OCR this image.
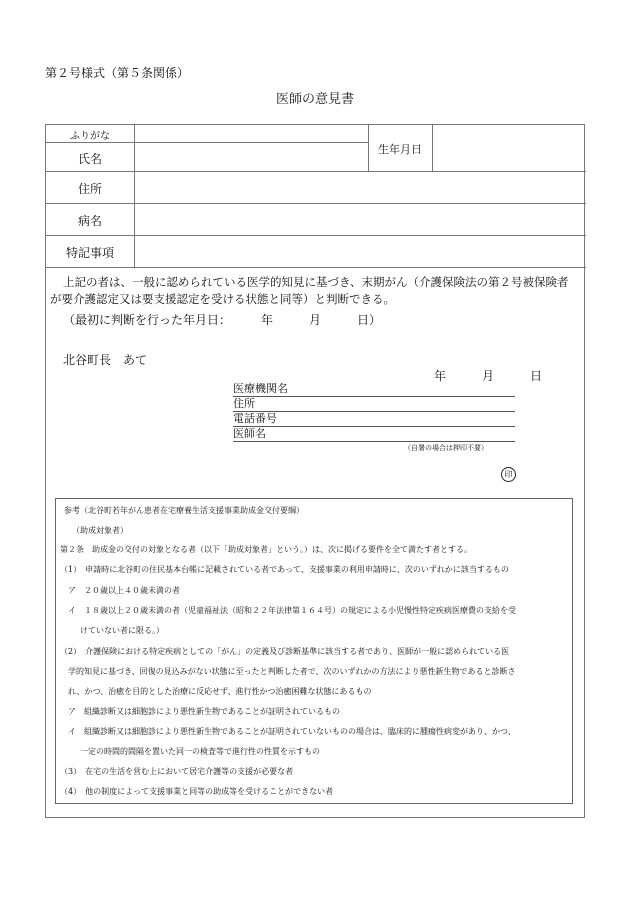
第２号様式（第５条関係）
医師の意見書
ふりがな
氏名
生年月日
住所
病名
特記事項
上記の者は、一般に認められている医学的知見に基づき、末期がん（介護保険法の第２号被保険者
が要介護認定又は要支援認定を受ける状態と同等）と判断できる。
（最初に判断を行った年月日：　　　年　　　月　　　日）
北谷町長　あて
年　　　月　　　日
医療機関名
住所
電話番号
医師名
（自署の場合は押印不要）
印
参考（北谷町若年がん患者在宅療養生活支援事業助成金交付要綱）
（助成対象者）
第２条　助成金の交付の対象となる者（以下「助成対象者」という。）は、次に掲げる要件を全て満たす者とする。
（1）　申請時に北谷町の住民基本台帳に記載されている者であって、支援事業の利用申請時に、次のいずれかに該当するもの
ア　２０歳以上４０歳未満の者
イ　１８歳以上２０歳未満の者（児童福祉法（昭和２２年法律第１６４号）の規定による小児慢性特定疾病医療費の支給を受
けていない者に限る。）
（2）　介護保険における特定疾病としての「がん」の定義及び診断基準に該当する者であり、医師が一般に認められている医
学的知見に基づき、回復の見込みがない状態に至ったと判断した者で、次のいずれかの方法により悪性新生物であると診断さ
れ、かつ、治癒を目的とした治療に反応せず、進行性かつ治癒困難な状態にあるもの
ア　組織診断又は細胞診により悪性新生物であることが証明されているもの
イ　組織診断又は細胞診により悪性新生物であることが証明されていないものの場合は、臨床的に腫瘍性病変があり、かつ、
一定の時間的間隔を置いた同一の検査等で進行性の性質を示すもの
（3）　在宅の生活を営む上において居宅介護等の支援が必要な者
（4）　他の制度によって支援事業と同等の助成等を受けることができない者
